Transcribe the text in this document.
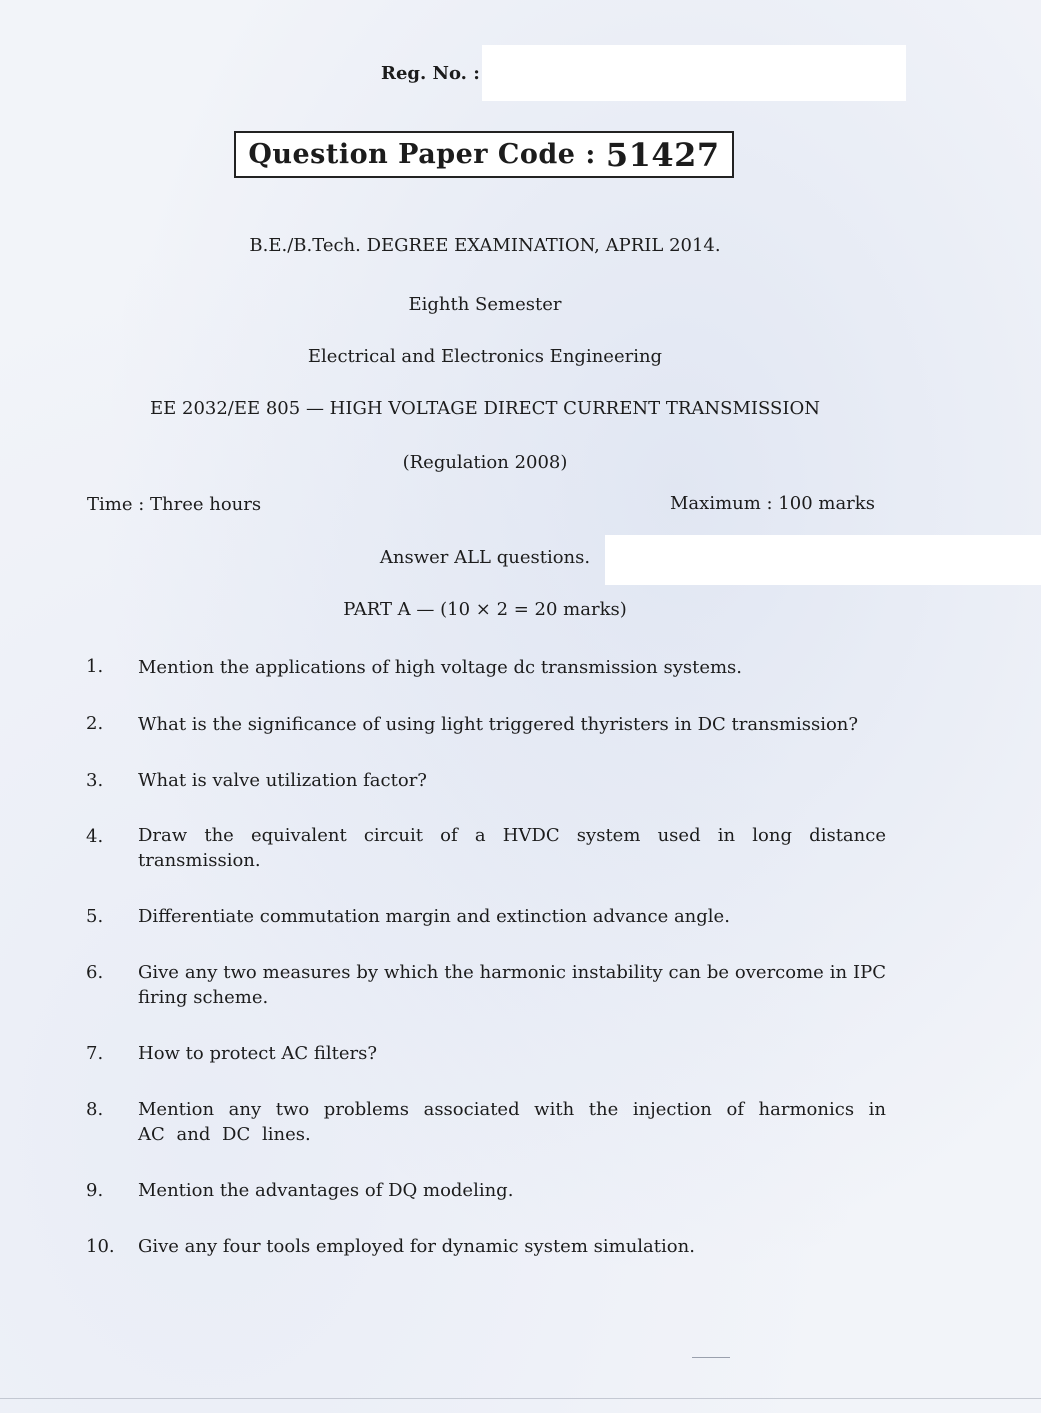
Reg. No. :
Question Paper Code : 51427
B.E./B.Tech. DEGREE EXAMINATION, APRIL 2014.
Eighth Semester
Electrical and Electronics Engineering
EE 2032/EE 805 — HIGH VOLTAGE DIRECT CURRENT TRANSMISSION
(Regulation 2008)
Time : Three hours	Maximum : 100 marks
Answer ALL questions.
PART A — (10 × 2 = 20 marks)
1.	Mention the applications of high voltage dc transmission systems.
2.	What is the significance of using light triggered thyristers in DC transmission?
3.	What is valve utilization factor?
4.	Draw the equivalent circuit of a HVDC system used in long distance transmission.
5.	Differentiate commutation margin and extinction advance angle.
6.	Give any two measures by which the harmonic instability can be overcome in IPC firing scheme.
7.	How to protect AC filters?
8.	Mention any two problems associated with the injection of harmonics in AC and DC lines.
9.	Mention the advantages of DQ modeling.
10. Give any four tools employed for dynamic system simulation.
